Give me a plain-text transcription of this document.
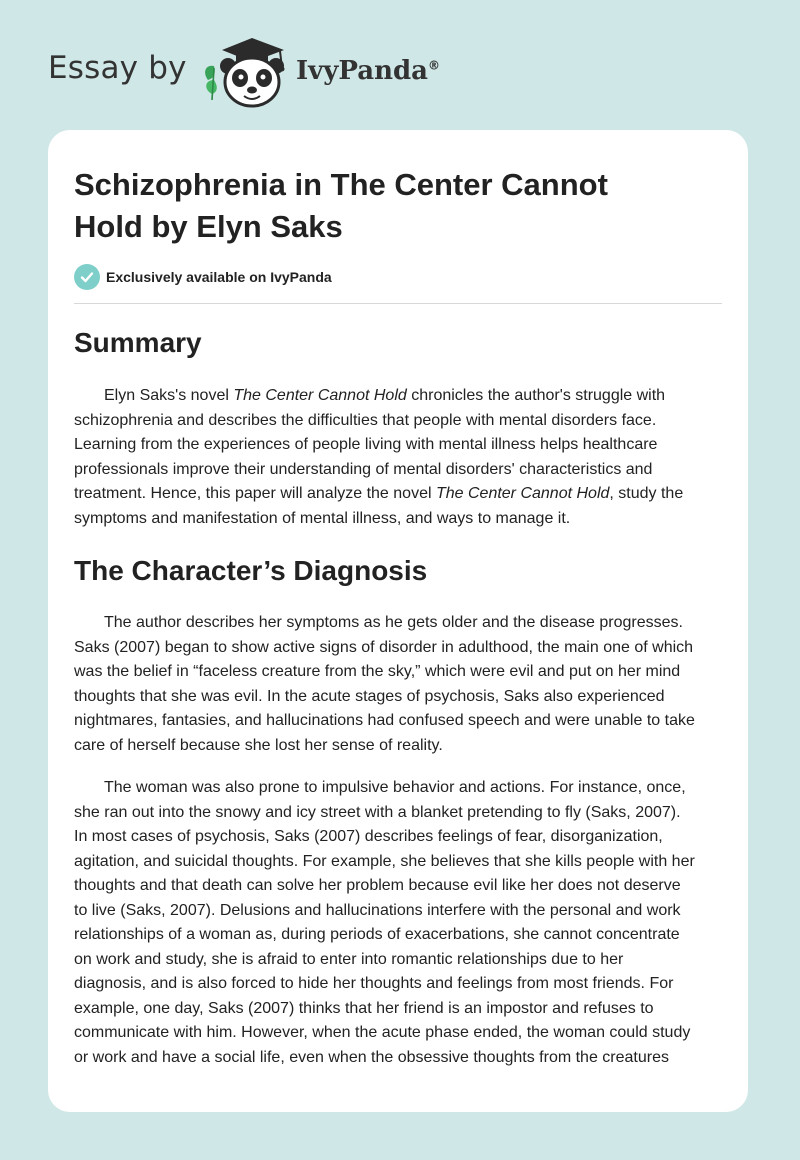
Essay by	IvyPanda®
Schizophrenia in The Center Cannot
Hold by Elyn Saks
Exclusively available on IvyPanda
Summary
Elyn Saks's novel The Center Cannot Hold chronicles the author's struggle with
schizophrenia and describes the difficulties that people with mental disorders face.
Learning from the experiences of people living with mental illness helps healthcare
professionals improve their understanding of mental disorders' characteristics and
treatment. Hence, this paper will analyze the novel The Center Cannot Hold, study the
symptoms and manifestation of mental illness, and ways to manage it.
The Character’s Diagnosis
The author describes her symptoms as he gets older and the disease progresses.
Saks (2007) began to show active signs of disorder in adulthood, the main one of which
was the belief in “faceless creature from the sky,” which were evil and put on her mind
thoughts that she was evil. In the acute stages of psychosis, Saks also experienced
nightmares, fantasies, and hallucinations had confused speech and were unable to take
care of herself because she lost her sense of reality.
The woman was also prone to impulsive behavior and actions. For instance, once,
she ran out into the snowy and icy street with a blanket pretending to fly (Saks, 2007).
In most cases of psychosis, Saks (2007) describes feelings of fear, disorganization,
agitation, and suicidal thoughts. For example, she believes that she kills people with her
thoughts and that death can solve her problem because evil like her does not deserve
to live (Saks, 2007). Delusions and hallucinations interfere with the personal and work
relationships of a woman as, during periods of exacerbations, she cannot concentrate
on work and study, she is afraid to enter into romantic relationships due to her
diagnosis, and is also forced to hide her thoughts and feelings from most friends. For
example, one day, Saks (2007) thinks that her friend is an impostor and refuses to
communicate with him. However, when the acute phase ended, the woman could study
or work and have a social life, even when the obsessive thoughts from the creatures
